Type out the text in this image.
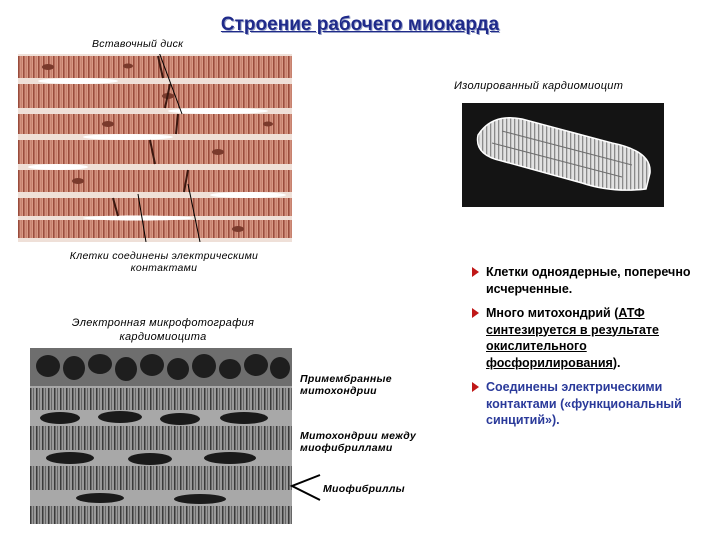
Строение рабочего миокарда
Вставочный диск
Клетки соединены электрическими контактами
Изолированный кардиомиоцит
Клетки одноядерные, поперечно исчерченные.
Много митохондрий (АТФ синтезируется в результате окислительного фосфорилирования).
Соединены электрическими контактами («функциональный синцитий»).
Электронная микрофотография кардиомиоцита
Примембранные митохондрии
Митохондрии между миофибриллами
Миофибриллы
